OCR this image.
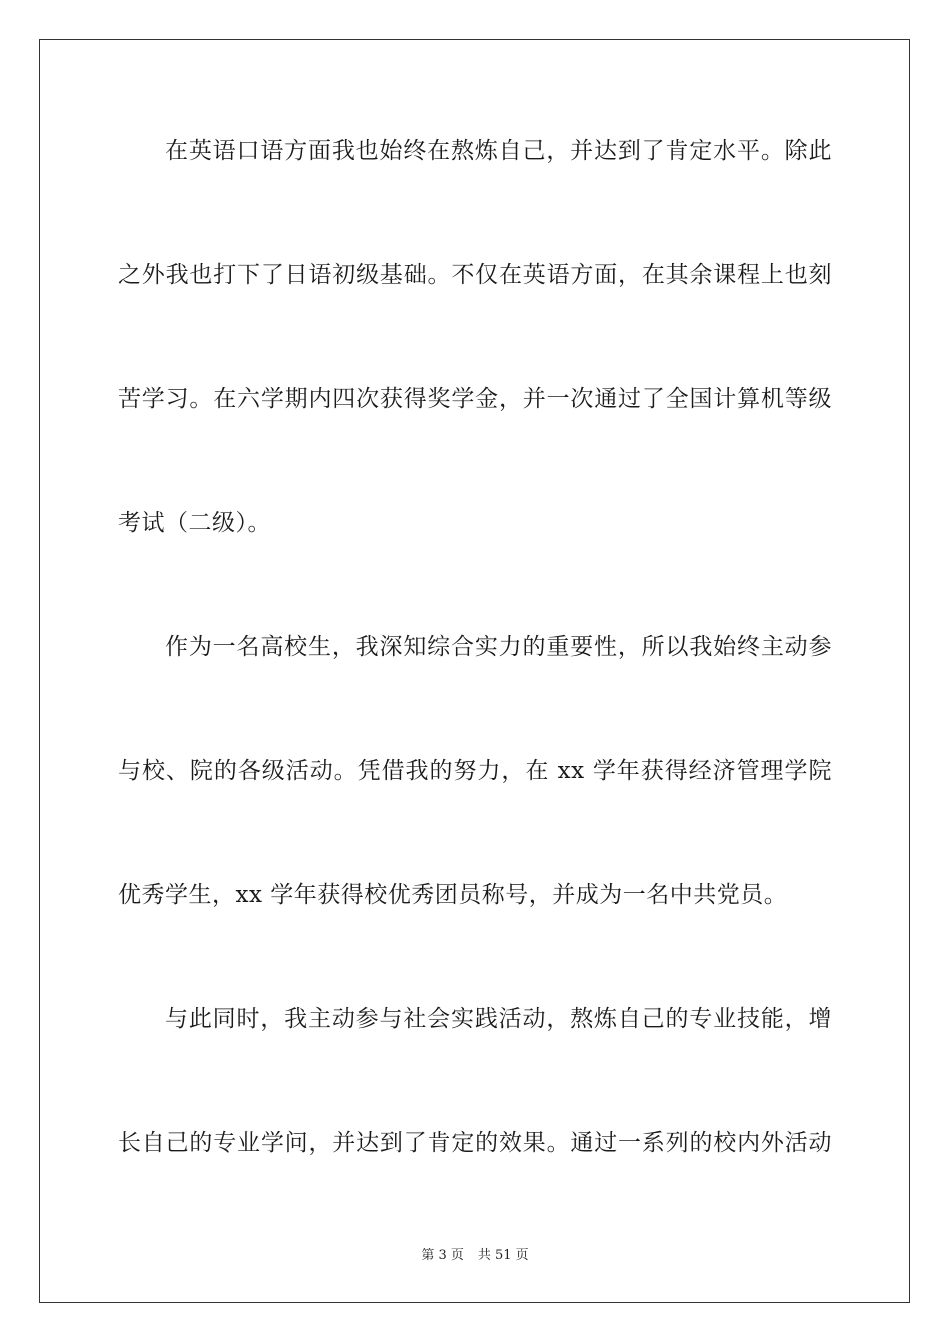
在英语口语方面我也始终在熬炼自己，并达到了肯定水平。除此
之外我也打下了日语初级基础。不仅在英语方面，在其余课程上也刻
苦学习。在六学期内四次获得奖学金，并一次通过了全国计算机等级
考试（二级）。
作为一名高校生，我深知综合实力的重要性，所以我始终主动参
与校、院的各级活动。凭借我的努力，在 xx 学年获得经济管理学院
优秀学生，xx 学年获得校优秀团员称号，并成为一名中共党员。
与此同时，我主动参与社会实践活动，熬炼自己的专业技能，增
长自己的专业学问，并达到了肯定的效果。通过一系列的校内外活动
第 3 页 共 51 页
